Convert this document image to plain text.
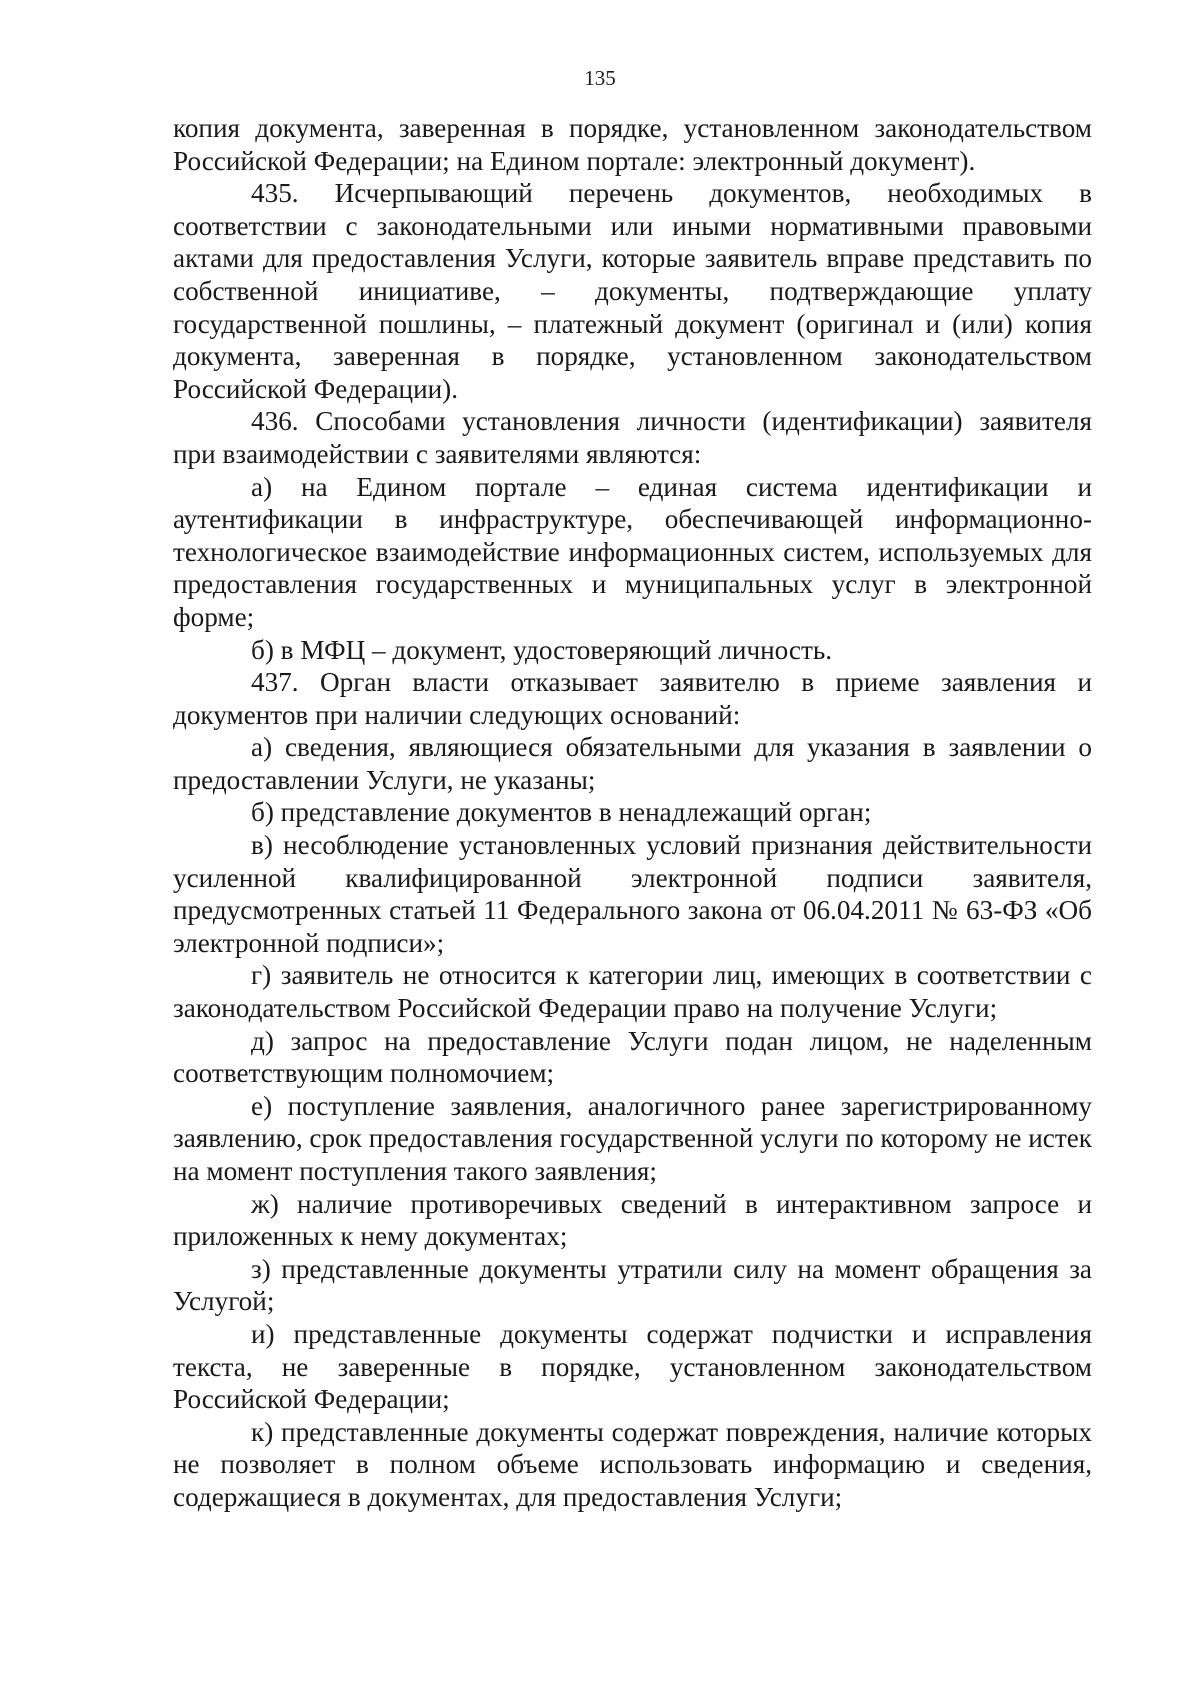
135

копия документа, заверенная в порядке, установленном законодательством Российской Федерации; на Едином портале: электронный документ).

435. Исчерпывающий перечень документов, необходимых в соответствии с законодательными или иными нормативными правовыми актами для предоставления Услуги, которые заявитель вправе представить по собственной инициативе, – документы, подтверждающие уплату государственной пошлины, – платежный документ (оригинал и (или) копия документа, заверенная в порядке, установленном законодательством Российской Федерации).

436. Способами установления личности (идентификации) заявителя при взаимодействии с заявителями являются:

а) на Едином портале – единая система идентификации и аутентификации в инфраструктуре, обеспечивающей информационно-технологическое взаимодействие информационных систем, используемых для предоставления государственных и муниципальных услуг в электронной форме;

б) в МФЦ – документ, удостоверяющий личность.

437. Орган власти отказывает заявителю в приеме заявления и документов при наличии следующих оснований:

а) сведения, являющиеся обязательными для указания в заявлении о предоставлении Услуги, не указаны;

б) представление документов в ненадлежащий орган;

в) несоблюдение установленных условий признания действительности усиленной квалифицированной электронной подписи заявителя, предусмотренных статьей 11 Федерального закона от 06.04.2011 № 63-ФЗ «Об электронной подписи»;

г) заявитель не относится к категории лиц, имеющих в соответствии с законодательством Российской Федерации право на получение Услуги;

д) запрос на предоставление Услуги подан лицом, не наделенным соответствующим полномочием;

е) поступление заявления, аналогичного ранее зарегистрированному заявлению, срок предоставления государственной услуги по которому не истек на момент поступления такого заявления;

ж) наличие противоречивых сведений в интерактивном запросе и приложенных к нему документах;

з) представленные документы утратили силу на момент обращения за Услугой;

и) представленные документы содержат подчистки и исправления текста, не заверенные в порядке, установленном законодательством Российской Федерации;

к) представленные документы содержат повреждения, наличие которых не позволяет в полном объеме использовать информацию и сведения, содержащиеся в документах, для предоставления Услуги;
